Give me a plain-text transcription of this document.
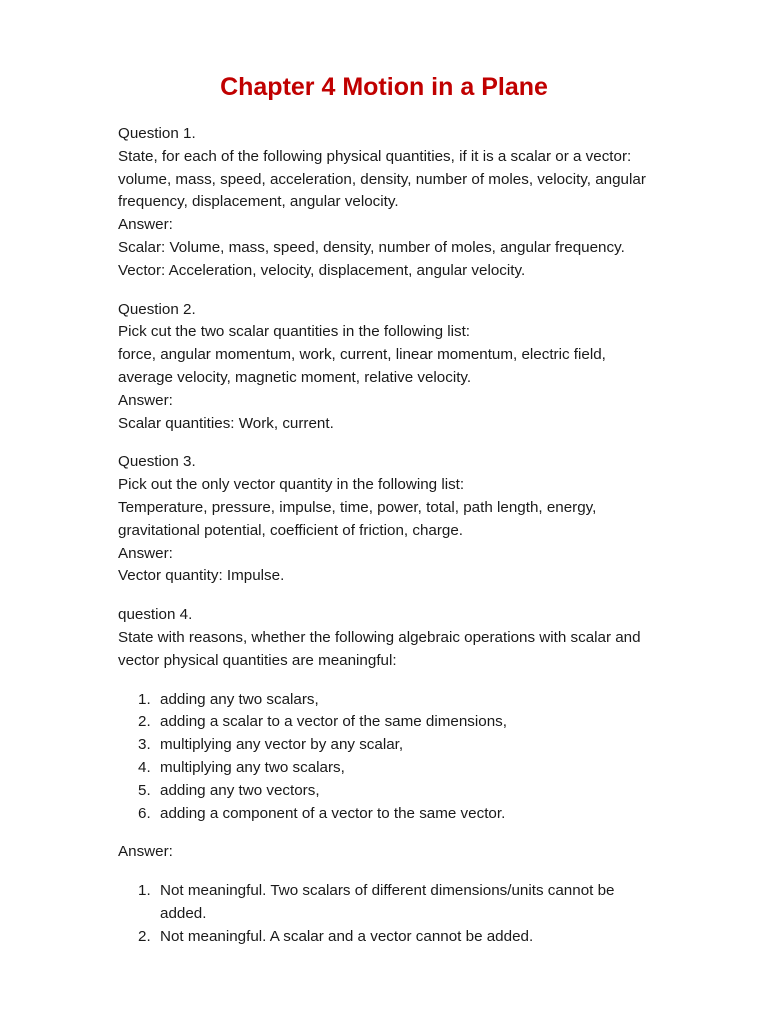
Chapter 4 Motion in a Plane

Question 1.

State, for each of the following physical quantities, if it is a scalar or a vector: volume, mass, speed, acceleration, density, number of moles, velocity, angular frequency, displacement, angular velocity.

Answer:

Scalar: Volume, mass, speed, density, number of moles, angular frequency.

Vector: Acceleration, velocity, displacement, angular velocity.

Question 2.

Pick cut the two scalar quantities in the following list:

force, angular momentum, work, current, linear momentum, electric field, average velocity, magnetic moment, relative velocity.

Answer:

Scalar quantities: Work, current.

Question 3.

Pick out the only vector quantity in the following list:

Temperature, pressure, impulse, time, power, total, path length, energy, gravitational potential, coefficient of friction, charge.

Answer:

Vector quantity: Impulse.

question 4.

State with reasons, whether the following algebraic operations with scalar and vector physical quantities are meaningful:

1. adding any two scalars,
2. adding a scalar to a vector of the same dimensions,
3. multiplying any vector by any scalar,
4. multiplying any two scalars,
5. adding any two vectors,
6. adding a component of a vector to the same vector.

Answer:

1. Not meaningful. Two scalars of different dimensions/units cannot be added.
2. Not meaningful. A scalar and a vector cannot be added.
